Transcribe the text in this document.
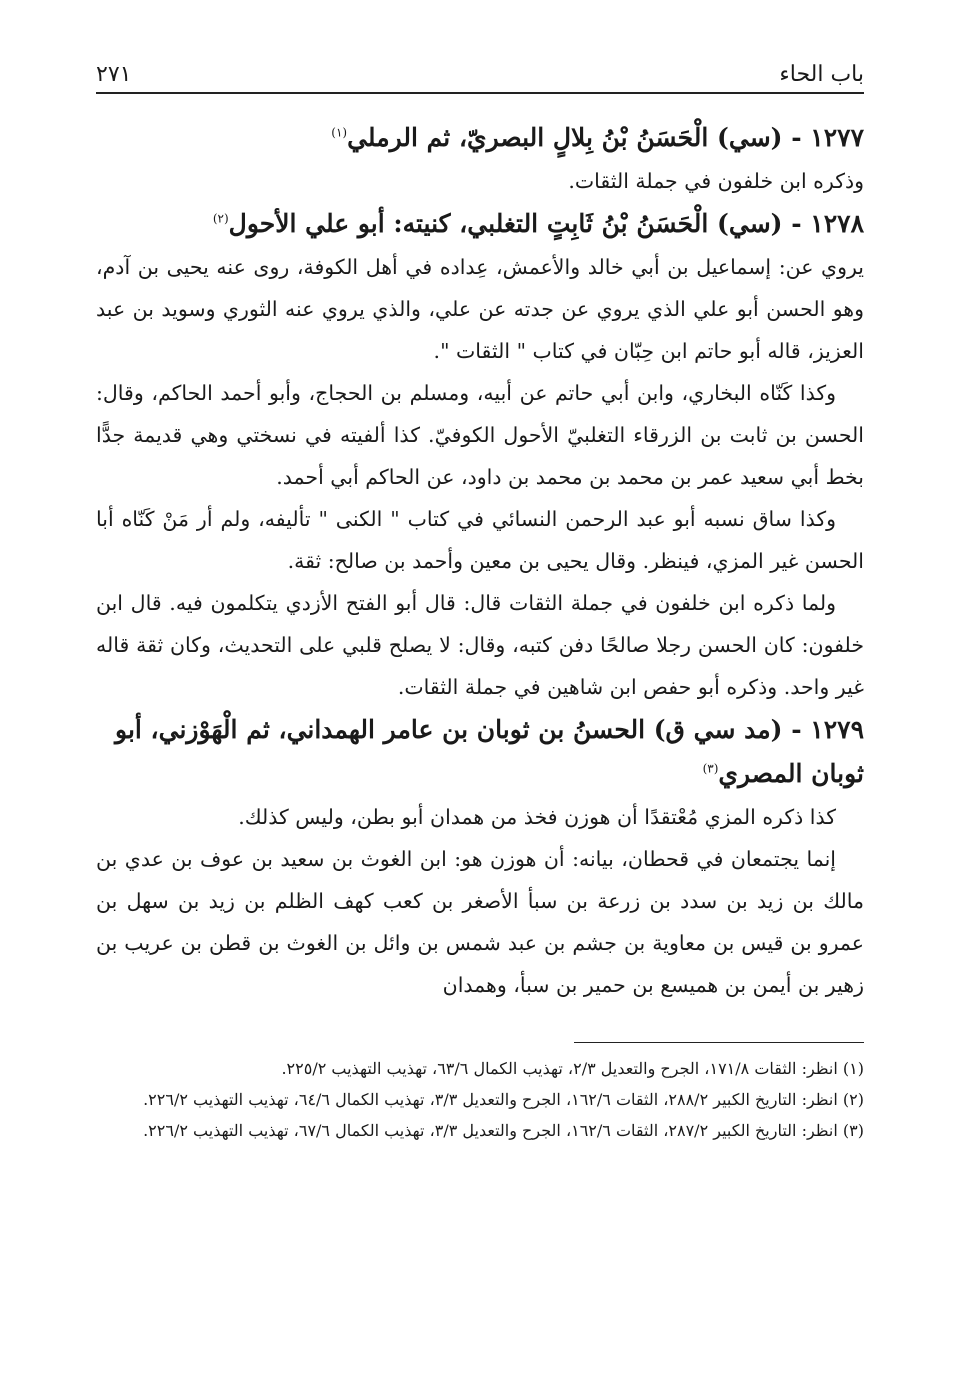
باب الحاء
٢٧١

١٢٧٧ - (سي) الْحَسَنُ بْنُ بِلالٍ البصريّ، ثم الرملي$^{(١)}$

وذكره ابن خلفون في جملة الثقات.

١٢٧٨ - (سي) الْحَسَنُ بْنُ ثَابِتٍ التغلبي، كنيته: أبو علي الأحول$^{(٢)}$

يروي عن: إسماعيل بن أبي خالد والأعمش، عِداده في أهل الكوفة، روى عنه يحيى بن آدم، وهو الحسن أبو علي الذي يروي عن جدته عن علي، والذي يروي عنه الثوري وسويد بن عبد العزيز، قاله أبو حاتم ابن حِبّان في كتاب " الثقات ".

وكذا كَنّاه البخاري، وابن أبي حاتم عن أبيه، ومسلم بن الحجاج، وأبو أحمد الحاكم، وقال: الحسن بن ثابت بن الزرقاء التغلبيّ الأحول الكوفيّ. كذا ألفيته في نسختي وهي قديمة جدًّا بخط أبي سعيد عمر بن محمد بن محمد بن داود، عن الحاكم أبي أحمد.

وكذا ساق نسبه أبو عبد الرحمن النسائي في كتاب " الكنى " تأليفه، ولم أر مَنْ كَنّاه أبا الحسن غير المزي، فينظر. وقال يحيى بن معين وأحمد بن صالح: ثقة.

ولما ذكره ابن خلفون في جملة الثقات قال: قال أبو الفتح الأزدي يتكلمون فيه. قال ابن خلفون: كان الحسن رجلا صالحًا دفن كتبه، وقال: لا يصلح قلبي على التحديث، وكان ثقة قاله غير واحد. وذكره أبو حفص ابن شاهين في جملة الثقات.

١٢٧٩ - (مد سي ق) الحسنُ بن ثوبان بن عامر الهمداني، ثم الْهَوْزني، أبو ثوبان المصري$^{(٣)}$

كذا ذكره المزي مُعْتقدًا أن هوزن فخذ من همدان أبو بطن، وليس كذلك.

إنما يجتمعان في قحطان، بيانه: أن هوزن هو: ابن الغوث بن سعيد بن عوف بن عدي بن مالك بن زيد بن سدد بن زرعة بن سبأ الأصغر بن كعب كهف الظلم بن زيد بن سهل بن عمرو بن قيس بن معاوية بن جشم بن عبد شمس بن وائل بن الغوث بن قطن بن عريب بن زهير بن أيمن بن هميسع بن حمير بن سبأ، وهمدان

(١) انظر: الثقات ١٧١/٨، الجرح والتعديل ٢/٣، تهذيب الكمال ٦٣/٦، تهذيب التهذيب ٢٢٥/٢.

(٢) انظر: التاريخ الكبير ٢٨٨/٢، الثقات ١٦٢/٦، الجرح والتعديل ٣/٣، تهذيب الكمال ٦٤/٦، تهذيب التهذيب ٢٢٦/٢.

(٣) انظر: التاريخ الكبير ٢٨٧/٢، الثقات ١٦٢/٦، الجرح والتعديل ٣/٣، تهذيب الكمال ٦٧/٦، تهذيب التهذيب ٢٢٦/٢.
